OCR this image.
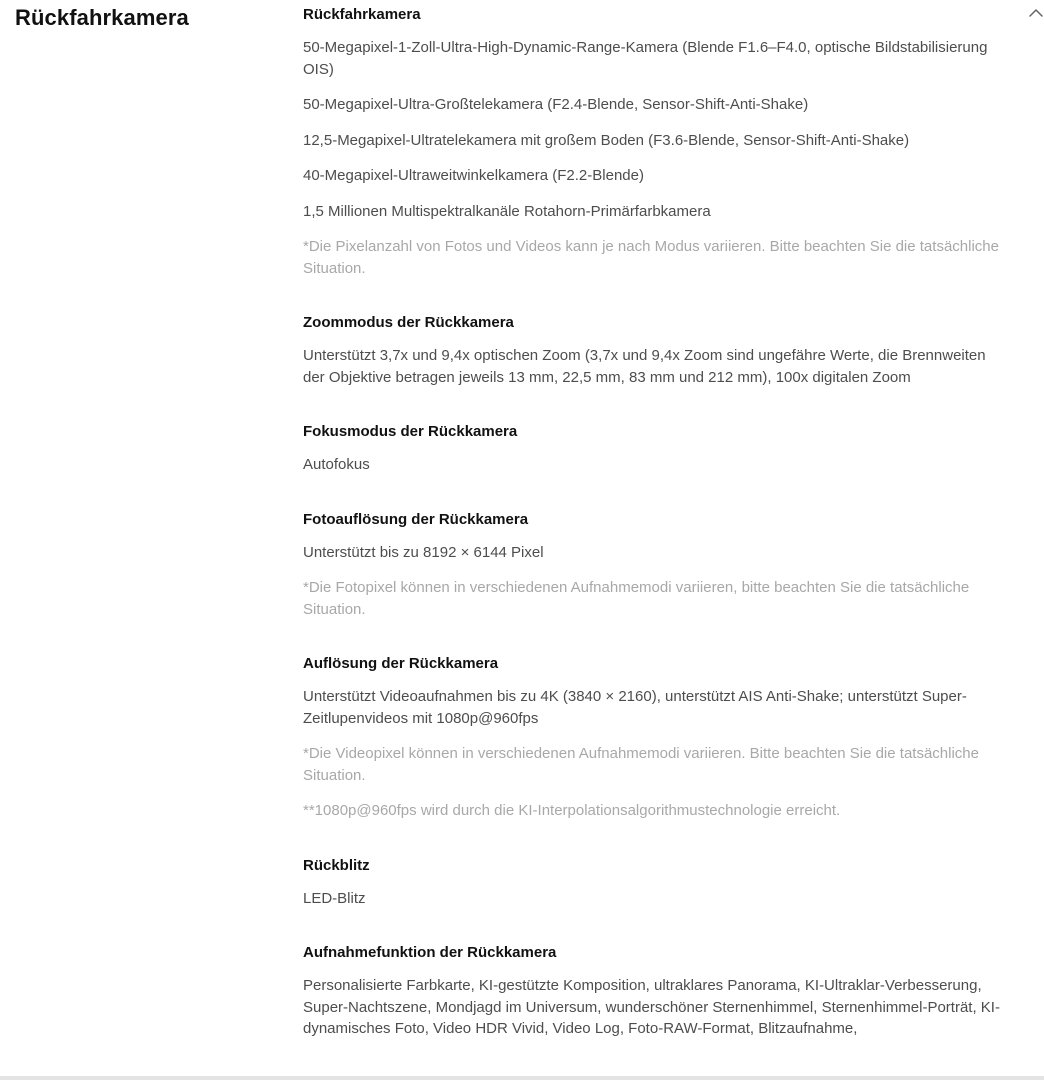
Rückfahrkamera	Rückfahrkamera
50-Megapixel-1-Zoll-Ultra-High-Dynamic-Range-Kamera (Blende F1.6–F4.0, optische Bildstabilisierung OIS)
50-Megapixel-Ultra-Großtelekamera (F2.4-Blende, Sensor-Shift-Anti-Shake)
12,5-Megapixel-Ultratelekamera mit großem Boden (F3.6-Blende, Sensor-Shift-Anti-Shake)
40-Megapixel-Ultraweitwinkelkamera (F2.2-Blende)
1,5 Millionen Multispektralkanäle Rotahorn-Primärfarbkamera
*Die Pixelanzahl von Fotos und Videos kann je nach Modus variieren. Bitte beachten Sie die tatsächliche Situation.
Zoommodus der Rückkamera
Unterstützt 3,7x und 9,4x optischen Zoom (3,7x und 9,4x Zoom sind ungefähre Werte, die Brennweiten der Objektive betragen jeweils 13 mm, 22,5 mm, 83 mm und 212 mm), 100x digitalen Zoom
Fokusmodus der Rückkamera
Autofokus
Fotoauflösung der Rückkamera
Unterstützt bis zu 8192 × 6144 Pixel
*Die Fotopixel können in verschiedenen Aufnahmemodi variieren, bitte beachten Sie die tatsächliche Situation.
Auflösung der Rückkamera
Unterstützt Videoaufnahmen bis zu 4K (3840 × 2160), unterstützt AIS Anti-Shake; unterstützt Super-Zeitlupenvideos mit 1080p@960fps
*Die Videopixel können in verschiedenen Aufnahmemodi variieren. Bitte beachten Sie die tatsächliche Situation.
**1080p@960fps wird durch die KI-Interpolationsalgorithmustechnologie erreicht.
Rückblitz
LED-Blitz
Aufnahmefunktion der Rückkamera
Personalisierte Farbkarte, KI-gestützte Komposition, ultraklares Panorama, KI-Ultraklar-Verbesserung, Super-Nachtszene, Mondjagd im Universum, wunderschöner Sternenhimmel, Sternenhimmel-Porträt, KI-dynamisches Foto, Video HDR Vivid, Video Log, Foto-RAW-Format, Blitzaufnahme,
